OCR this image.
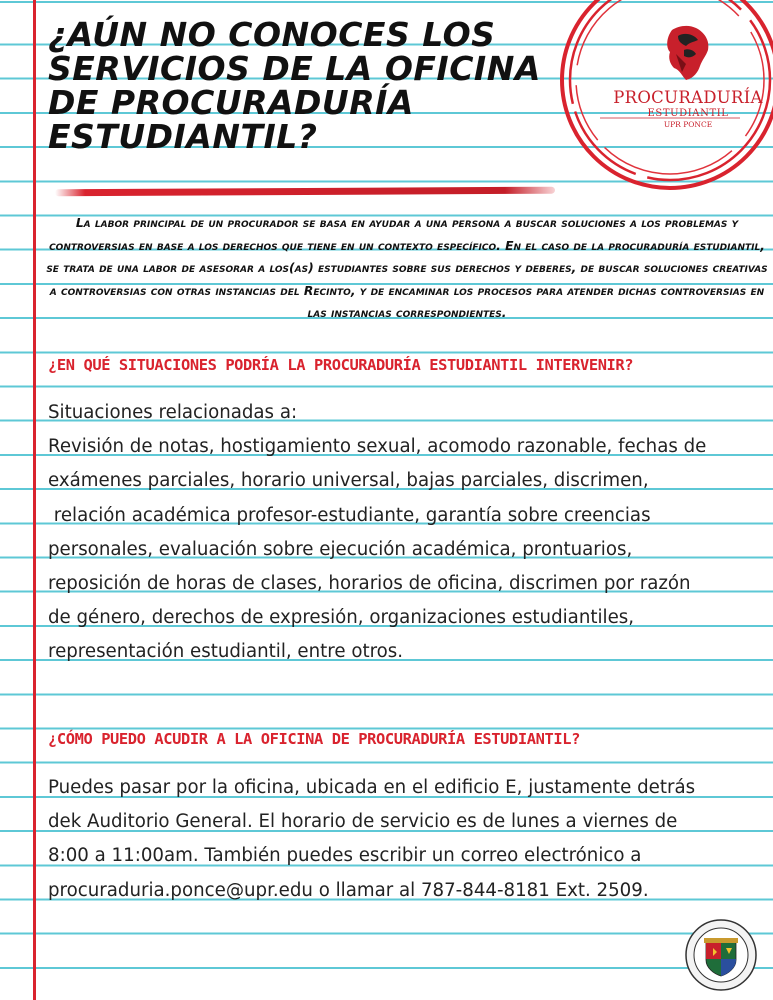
¿AÚN NO CONOCES LOS SERVICIOS DE LA OFICINA DE PROCURADURÍA ESTUDIANTIL?
PROCURADURÍA
ESTUDIANTIL
UPR PONCE

La labor principal de un procurador se basa en ayudar a una persona a buscar soluciones a los problemas y controversias en base a los derechos que tiene en un contexto específico. En el caso de la procuraduría estudiantil, se trata de una labor de asesorar a los(as) estudiantes sobre sus derechos y deberes, de buscar soluciones creativas a controversias con otras instancias del Recinto, y de encaminar los procesos para atender dichas controversias en las instancias correspondientes.

¿EN QUÉ SITUACIONES PODRÍA LA PROCURADURÍA ESTUDIANTIL INTERVENIR?
Situaciones relacionadas a:
Revisión de notas, hostigamiento sexual, acomodo razonable, fechas de
exámenes parciales, horario universal, bajas parciales, discrimen,
relación académica profesor-estudiante, garantía sobre creencias
personales, evaluación sobre ejecución académica, prontuarios,
reposición de horas de clases, horarios de oficina, discrimen por razón
de género, derechos de expresión, organizaciones estudiantiles,
representación estudiantil, entre otros.
¿CÓMO PUEDO ACUDIR A LA OFICINA DE PROCURADURÍA ESTUDIANTIL?
Puedes pasar por la oficina, ubicada en el edificio E, justamente detrás
dek Auditorio General. El horario de servicio es de lunes a viernes de
8:00 a 11:00am. También puedes escribir un correo electrónico a
procuraduria.ponce@upr.edu o llamar al 787-844-8181 Ext. 2509.
